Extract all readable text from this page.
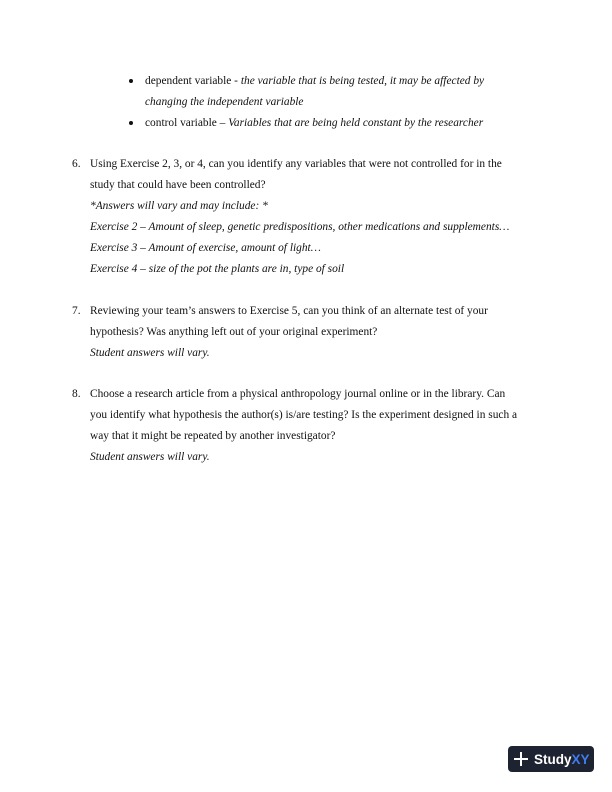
dependent variable - the variable that is being tested, it may be affected by
changing the independent variable
control variable – Variables that are being held constant by the researcher
6. Using Exercise 2, 3, or 4, can you identify any variables that were not controlled for in the
study that could have been controlled?
*Answers will vary and may include: *
Exercise 2 – Amount of sleep, genetic predispositions, other medications and supplements…
Exercise 3 – Amount of exercise, amount of light…
Exercise 4 – size of the pot the plants are in, type of soil
7. Reviewing your team’s answers to Exercise 5, can you think of an alternate test of your
hypothesis? Was anything left out of your original experiment?
Student answers will vary.
8. Choose a research article from a physical anthropology journal online or in the library. Can
you identify what hypothesis the author(s) is/are testing? Is the experiment designed in such a
way that it might be repeated by another investigator?
Student answers will vary.
Study XY
